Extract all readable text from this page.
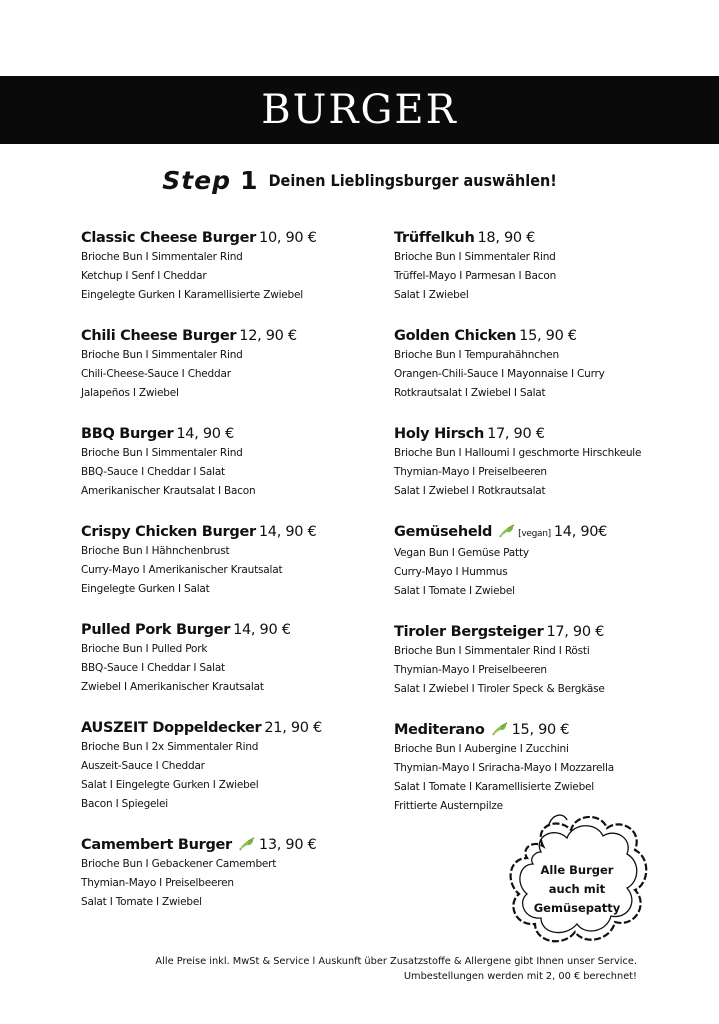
BURGER
Step 1 Deinen Lieblingsburger auswählen!
Classic Cheese Burger 10, 90 €
Brioche Bun I Simmentaler Rind
Ketchup I Senf I Cheddar
Eingelegte Gurken I Karamellisierte Zwiebel
Chili Cheese Burger 12, 90 €
Brioche Bun I Simmentaler Rind
Chili-Cheese-Sauce I Cheddar
Jalapeños I Zwiebel
BBQ Burger 14, 90 €
Brioche Bun I Simmentaler Rind
BBQ-Sauce I Cheddar I Salat
Amerikanischer Krautsalat I Bacon
Crispy Chicken Burger 14, 90 €
Brioche Bun I Hähnchenbrust
Curry-Mayo I Amerikanischer Krautsalat
Eingelegte Gurken I Salat
Pulled Pork Burger 14, 90 €
Brioche Bun I Pulled Pork
BBQ-Sauce I Cheddar I Salat
Zwiebel I Amerikanischer Krautsalat
AUSZEIT Doppeldecker 21, 90 €
Brioche Bun I 2x Simmentaler Rind
Auszeit-Sauce I Cheddar
Salat I Eingelegte Gurken I Zwiebel
Bacon I Spiegelei
Camembert Burger 13, 90 €
Brioche Bun I Gebackener Camembert
Thymian-Mayo I Preiselbeeren
Salat I Tomate I Zwiebel
Trüffelkuh 18, 90 €
Brioche Bun I Simmentaler Rind
Trüffel-Mayo I Parmesan I Bacon
Salat I Zwiebel
Golden Chicken 15, 90 €
Brioche Bun I Tempurahähnchen
Orangen-Chili-Sauce I Mayonnaise I Curry
Rotkrautsalat I Zwiebel I Salat
Holy Hirsch 17, 90 €
Brioche Bun I Halloumi I geschmorte Hirschkeule
Thymian-Mayo I Preiselbeeren
Salat I Zwiebel I Rotkrautsalat
Gemüseheld	[vegan] 14, 90€
Vegan Bun I Gemüse Patty
Curry-Mayo I Hummus
Salat I Tomate I Zwiebel
Tiroler Bergsteiger 17, 90 €
Brioche Bun I Simmentaler Rind I Rösti
Thymian-Mayo I Preiselbeeren
Salat I Zwiebel I Tiroler Speck & Bergkäse
Mediterano 15, 90 €
Brioche Bun I Aubergine I Zucchini
Thymian-Mayo I Sriracha-Mayo I Mozzarella
Salat I Tomate I Karamellisierte Zwiebel
Frittierte Austernpilze
Alle Burger
auch mit
Gemüsepatty
Alle Preise inkl. MwSt & Service l Auskunft über Zusatzstoffe & Allergene gibt Ihnen unser Service.
Umbestellungen werden mit 2, 00 € berechnet!
